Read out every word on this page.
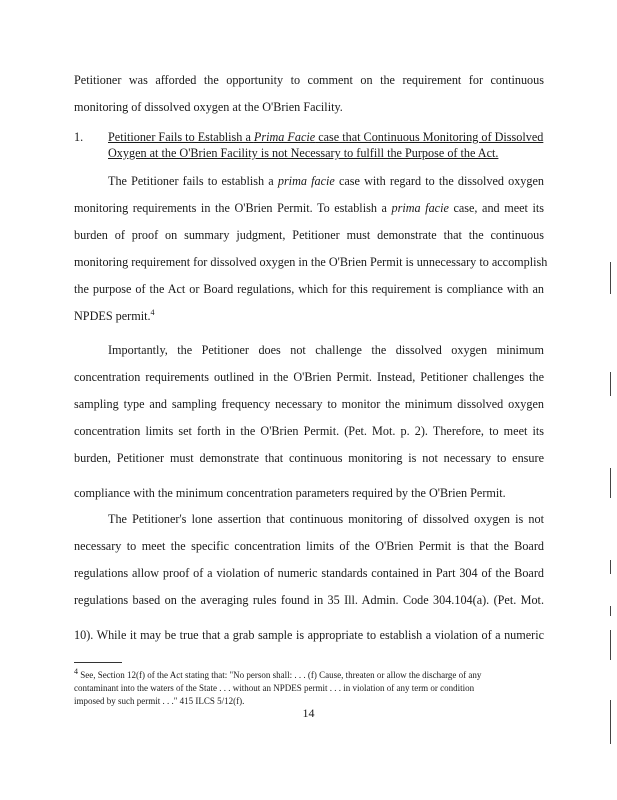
Petitioner was afforded the opportunity to comment on the requirement for continuous
monitoring of dissolved oxygen at the O'Brien Facility.
1. Petitioner Fails to Establish a Prima Facie case that Continuous Monitoring of Dissolved
Oxygen at the O'Brien Facility is not Necessary to fulfill the Purpose of the Act.
The Petitioner fails to establish a prima facie case with regard to the dissolved oxygen
monitoring requirements in the O'Brien Permit. To establish a prima facie case, and meet its
burden of proof on summary judgment, Petitioner must demonstrate that the continuous
monitoring requirement for dissolved oxygen in the O'Brien Permit is unnecessary to accomplish
the purpose of the Act or Board regulations, which for this requirement is compliance with an
NPDES permit.$^4$
Importantly, the Petitioner does not challenge the dissolved oxygen minimum
concentration requirements outlined in the O'Brien Permit. Instead, Petitioner challenges the
sampling type and sampling frequency necessary to monitor the minimum dissolved oxygen
concentration limits set forth in the O'Brien Permit. (Pet. Mot. p. 2). Therefore, to meet its
burden, Petitioner must demonstrate that continuous monitoring is not necessary to ensure
compliance with the minimum concentration parameters required by the O'Brien Permit.
The Petitioner's lone assertion that continuous monitoring of dissolved oxygen is not
necessary to meet the specific concentration limits of the O'Brien Permit is that the Board
regulations allow proof of a violation of numeric standards contained in Part 304 of the Board
regulations based on the averaging rules found in 35 Ill. Admin. Code 304.104(a). (Pet. Mot.
10). While it may be true that a grab sample is appropriate to establish a violation of a numeric
4 See, Section 12(f) of the Act stating that: "No person shall: . . . (f) Cause, threaten or allow the discharge of any
contaminant into the waters of the State . . . without an NPDES permit . . . in violation of any term or condition
imposed by such permit . . ." 415 ILCS 5/12(f).
14
